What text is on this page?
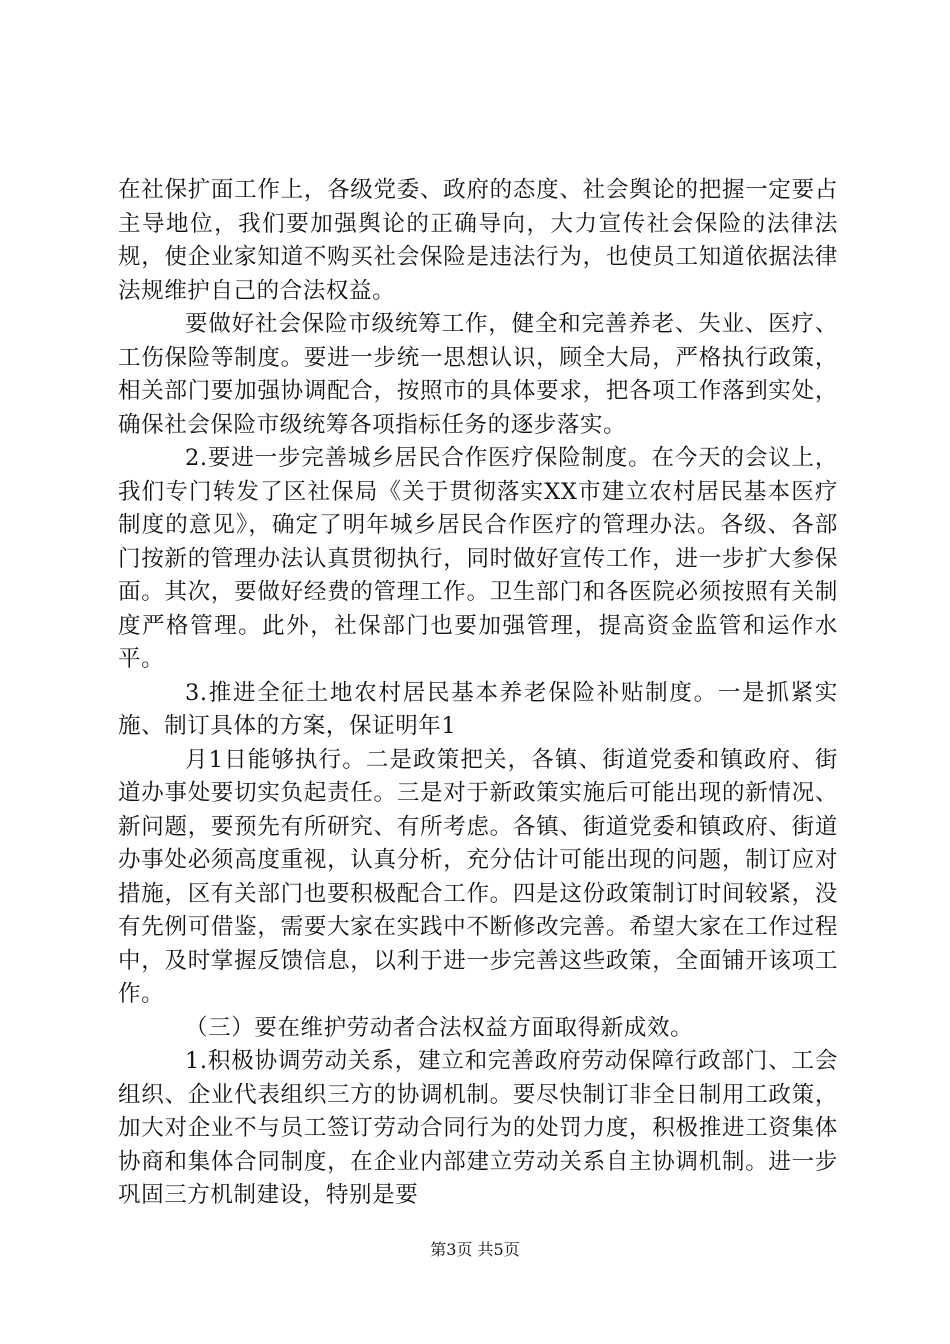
在社保扩面工作上，各级党委、政府的态度、社会舆论的把握一定要占主导地位，我们要加强舆论的正确导向，大力宣传社会保险的法律法规，使企业家知道不购买社会保险是违法行为，也使员工知道依据法律法规维护自己的合法权益。

要做好社会保险市级统筹工作，健全和完善养老、失业、医疗、工伤保险等制度。要进一步统一思想认识，顾全大局，严格执行政策，相关部门要加强协调配合，按照市的具体要求，把各项工作落到实处，确保社会保险市级统筹各项指标任务的逐步落实。

2.要进一步完善城乡居民合作医疗保险制度。在今天的会议上，我们专门转发了区社保局《关于贯彻落实XX市建立农村居民基本医疗制度的意见》，确定了明年城乡居民合作医疗的管理办法。各级、各部门按新的管理办法认真贯彻执行，同时做好宣传工作，进一步扩大参保面。其次，要做好经费的管理工作。卫生部门和各医院必须按照有关制度严格管理。此外，社保部门也要加强管理，提高资金监管和运作水平。

3.推进全征土地农村居民基本养老保险补贴制度。一是抓紧实施、制订具体的方案，保证明年1

月1日能够执行。二是政策把关，各镇、街道党委和镇政府、街道办事处要切实负起责任。三是对于新政策实施后可能出现的新情况、新问题，要预先有所研究、有所考虑。各镇、街道党委和镇政府、街道办事处必须高度重视，认真分析，充分估计可能出现的问题，制订应对措施，区有关部门也要积极配合工作。四是这份政策制订时间较紧，没有先例可借鉴，需要大家在实践中不断修改完善。希望大家在工作过程中，及时掌握反馈信息，以利于进一步完善这些政策，全面铺开该项工作。

（三）要在维护劳动者合法权益方面取得新成效。

1.积极协调劳动关系，建立和完善政府劳动保障行政部门、工会组织、企业代表组织三方的协调机制。要尽快制订非全日制用工政策，加大对企业不与员工签订劳动合同行为的处罚力度，积极推进工资集体协商和集体合同制度，在企业内部建立劳动关系自主协调机制。进一步巩固三方机制建设，特别是要

第3页 共5页
